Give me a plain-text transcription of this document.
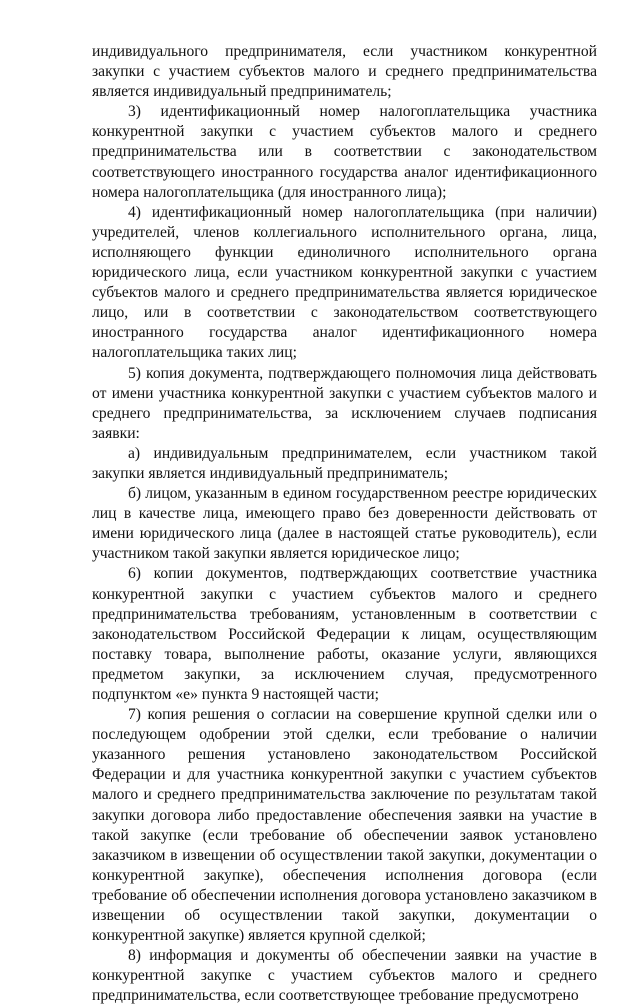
индивидуального предпринимателя, если участником конкурентной закупки с участием субъектов малого и среднего предпринимательства является индивидуальный предприниматель;

3) идентификационный номер налогоплательщика участника конкурентной закупки с участием субъектов малого и среднего предпринимательства или в соответствии с законодательством соответствующего иностранного государства аналог идентификационного номера налогоплательщика (для иностранного лица);

4) идентификационный номер налогоплательщика (при наличии) учредителей, членов коллегиального исполнительного органа, лица, исполняющего функции единоличного исполнительного органа юридического лица, если участником конкурентной закупки с участием субъектов малого и среднего предпринимательства является юридическое лицо, или в соответствии с законодательством соответствующего иностранного государства аналог идентификационного номера налогоплательщика таких лиц;

5) копия документа, подтверждающего полномочия лица действовать от имени участника конкурентной закупки с участием субъектов малого и среднего предпринимательства, за исключением случаев подписания заявки:

а) индивидуальным предпринимателем, если участником такой закупки является индивидуальный предприниматель;

б) лицом, указанным в едином государственном реестре юридических лиц в качестве лица, имеющего право без доверенности действовать от имени юридического лица (далее в настоящей статье руководитель), если участником такой закупки является юридическое лицо;

6) копии документов, подтверждающих соответствие участника конкурентной закупки с участием субъектов малого и среднего предпринимательства требованиям, установленным в соответствии с законодательством Российской Федерации к лицам, осуществляющим поставку товара, выполнение работы, оказание услуги, являющихся предметом закупки, за исключением случая, предусмотренного подпунктом «е» пункта 9 настоящей части;

7) копия решения о согласии на совершение крупной сделки или о последующем одобрении этой сделки, если требование о наличии указанного решения установлено законодательством Российской Федерации и для участника конкурентной закупки с участием субъектов малого и среднего предпринимательства заключение по результатам такой закупки договора либо предоставление обеспечения заявки на участие в такой закупке (если требование об обеспечении заявок установлено заказчиком в извещении об осуществлении такой закупки, документации о конкурентной закупке), обеспечения исполнения договора (если требование об обеспечении исполнения договора установлено заказчиком в извещении об осуществлении такой закупки, документации о конкурентной закупке) является крупной сделкой;

8) информация и документы об обеспечении заявки на участие в конкурентной закупке с участием субъектов малого и среднего предпринимательства, если соответствующее требование предусмотрено
